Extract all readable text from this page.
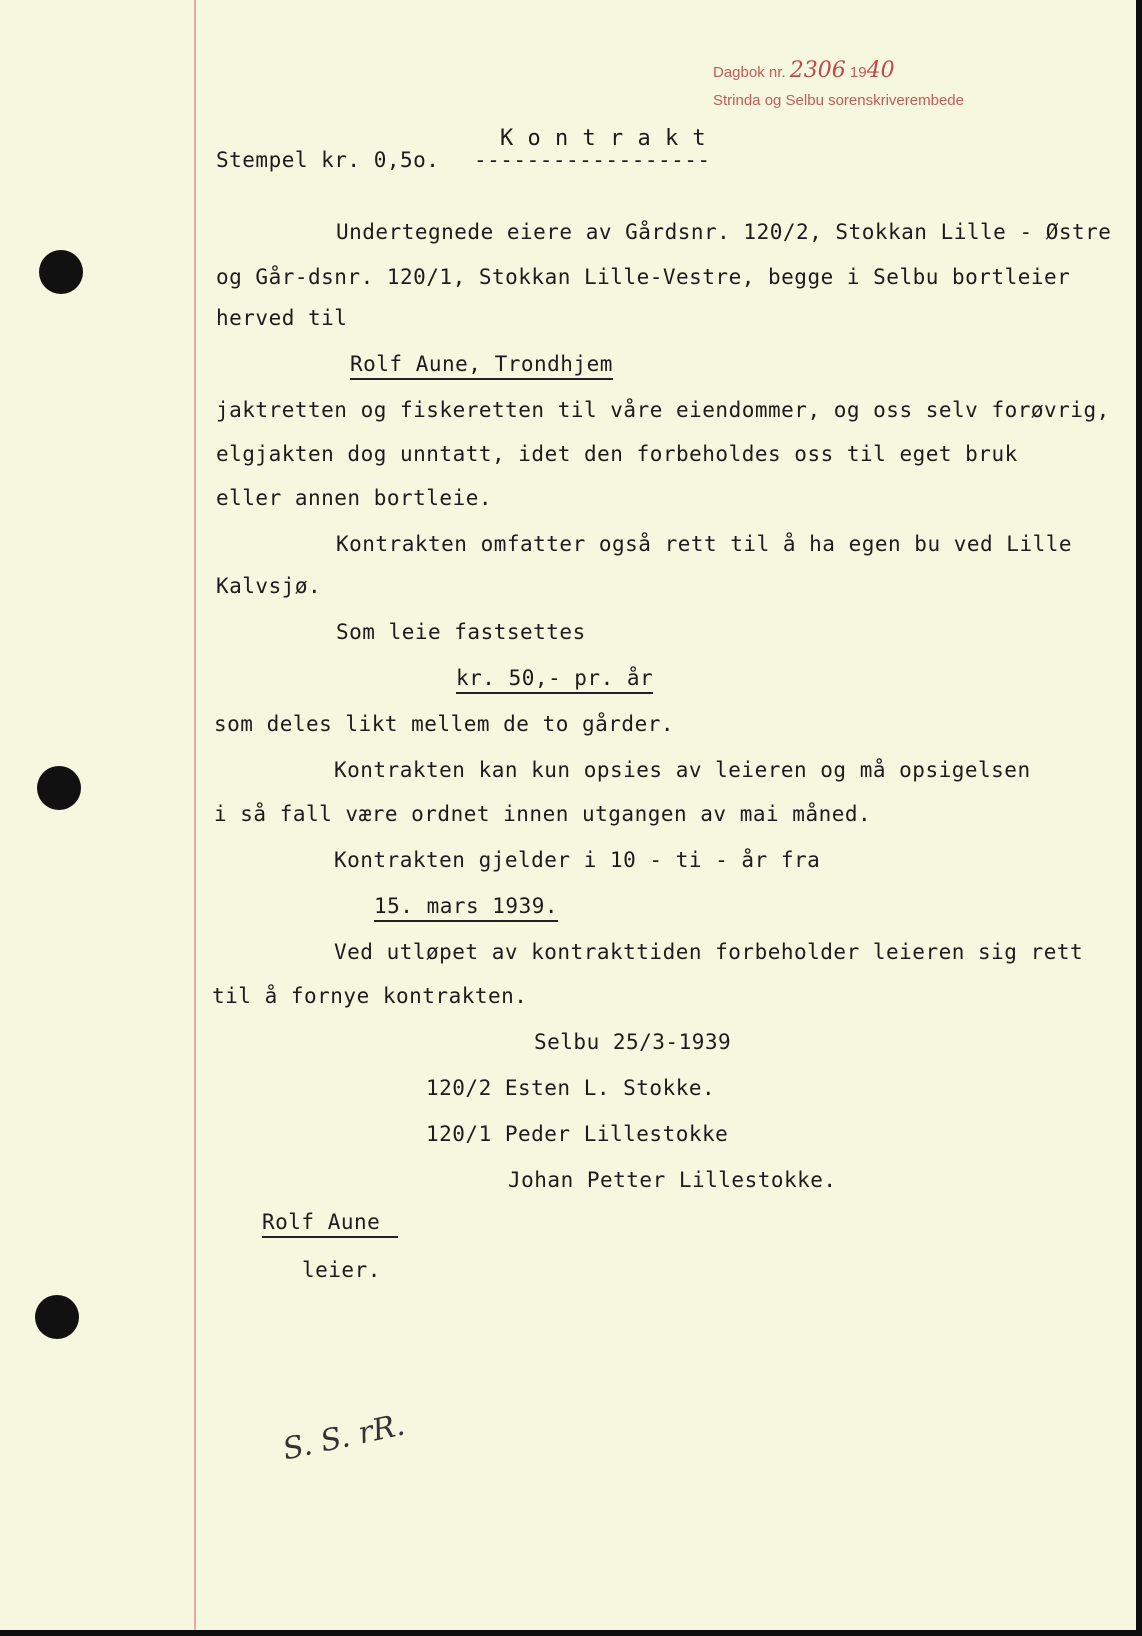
Dagbok nr. 2306 1940
Strinda og Selbu sorenskriverembede
K o n t r a k t
Stempel kr. 0,5o. ------------------
Undertegnede eiere av Gårdsnr. 120/2, Stokkan Lille - Østre
og Går-dsnr. 120/1, Stokkan Lille-Vestre, begge i Selbu bortleier
herved til
Rolf Aune, Trondhjem
jaktretten og fiskeretten til våre eiendommer, og oss selv forøvrig,
elgjakten dog unntatt, idet den forbeholdes oss til eget bruk
eller annen bortleie.
Kontrakten omfatter også rett til å ha egen bu ved Lille
Kalvsjø.
Som leie fastsettes
kr. 50,- pr. år
som deles likt mellem de to gårder.
Kontrakten kan kun opsies av leieren og må opsigelsen
i så fall være ordnet innen utgangen av mai måned.
Kontrakten gjelder i 10 - ti - år fra
15. mars 1939.
Ved utløpet av kontrakttiden forbeholder leieren sig rett
til å fornye kontrakten.
Selbu 25/3-1939
120/2 Esten L. Stokke.
120/1 Peder Lillestokke
Johan Petter Lillestokke.
Rolf Aune
leier.
S. S. rR.
